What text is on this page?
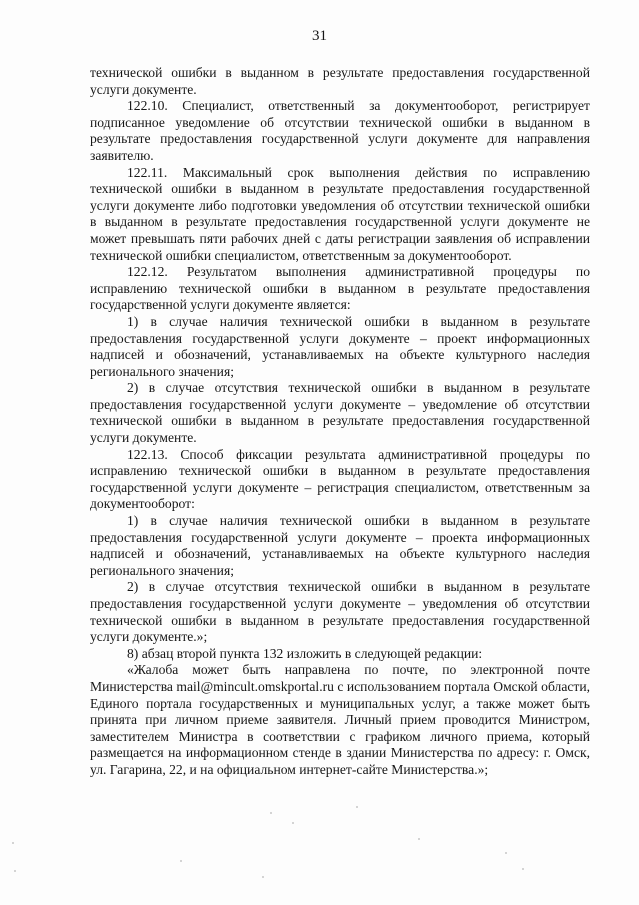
31

технической ошибки в выданном в результате предоставления государственной услуги документе.

122.10. Специалист, ответственный за документооборот, регистрирует подписанное уведомление об отсутствии технической ошибки в выданном в результате предоставления государственной услуги документе для направления заявителю.

122.11. Максимальный срок выполнения действия по исправлению технической ошибки в выданном в результате предоставления государственной услуги документе либо подготовки уведомления об отсутствии технической ошибки в выданном в результате предоставления государственной услуги документе не может превышать пяти рабочих дней с даты регистрации заявления об исправлении технической ошибки специалистом, ответственным за документооборот.

122.12. Результатом выполнения административной процедуры по исправлению технической ошибки в выданном в результате предоставления государственной услуги документе является:

1) в случае наличия технической ошибки в выданном в результате предоставления государственной услуги документе – проект информационных надписей и обозначений, устанавливаемых на объекте культурного наследия регионального значения;

2) в случае отсутствия технической ошибки в выданном в результате предоставления государственной услуги документе – уведомление об отсутствии технической ошибки в выданном в результате предоставления государственной услуги документе.

122.13. Способ фиксации результата административной процедуры по исправлению технической ошибки в выданном в результате предоставления государственной услуги документе – регистрация специалистом, ответственным за документооборот:

1) в случае наличия технической ошибки в выданном в результате предоставления государственной услуги документе – проекта информационных надписей и обозначений, устанавливаемых на объекте культурного наследия регионального значения;

2) в случае отсутствия технической ошибки в выданном в результате предоставления государственной услуги документе – уведомления об отсутствии технической ошибки в выданном в результате предоставления государственной услуги документе.»;

8) абзац второй пункта 132 изложить в следующей редакции:

«Жалоба может быть направлена по почте, по электронной почте Министерства mail@mincult.omskportal.ru с использованием портала Омской области, Единого портала государственных и муниципальных услуг, а также может быть принята при личном приеме заявителя. Личный прием проводится Министром, заместителем Министра в соответствии с графиком личного приема, который размещается на информационном стенде в здании Министерства по адресу: г. Омск, ул. Гагарина, 22, и на официальном интернет-сайте Министерства.»;
